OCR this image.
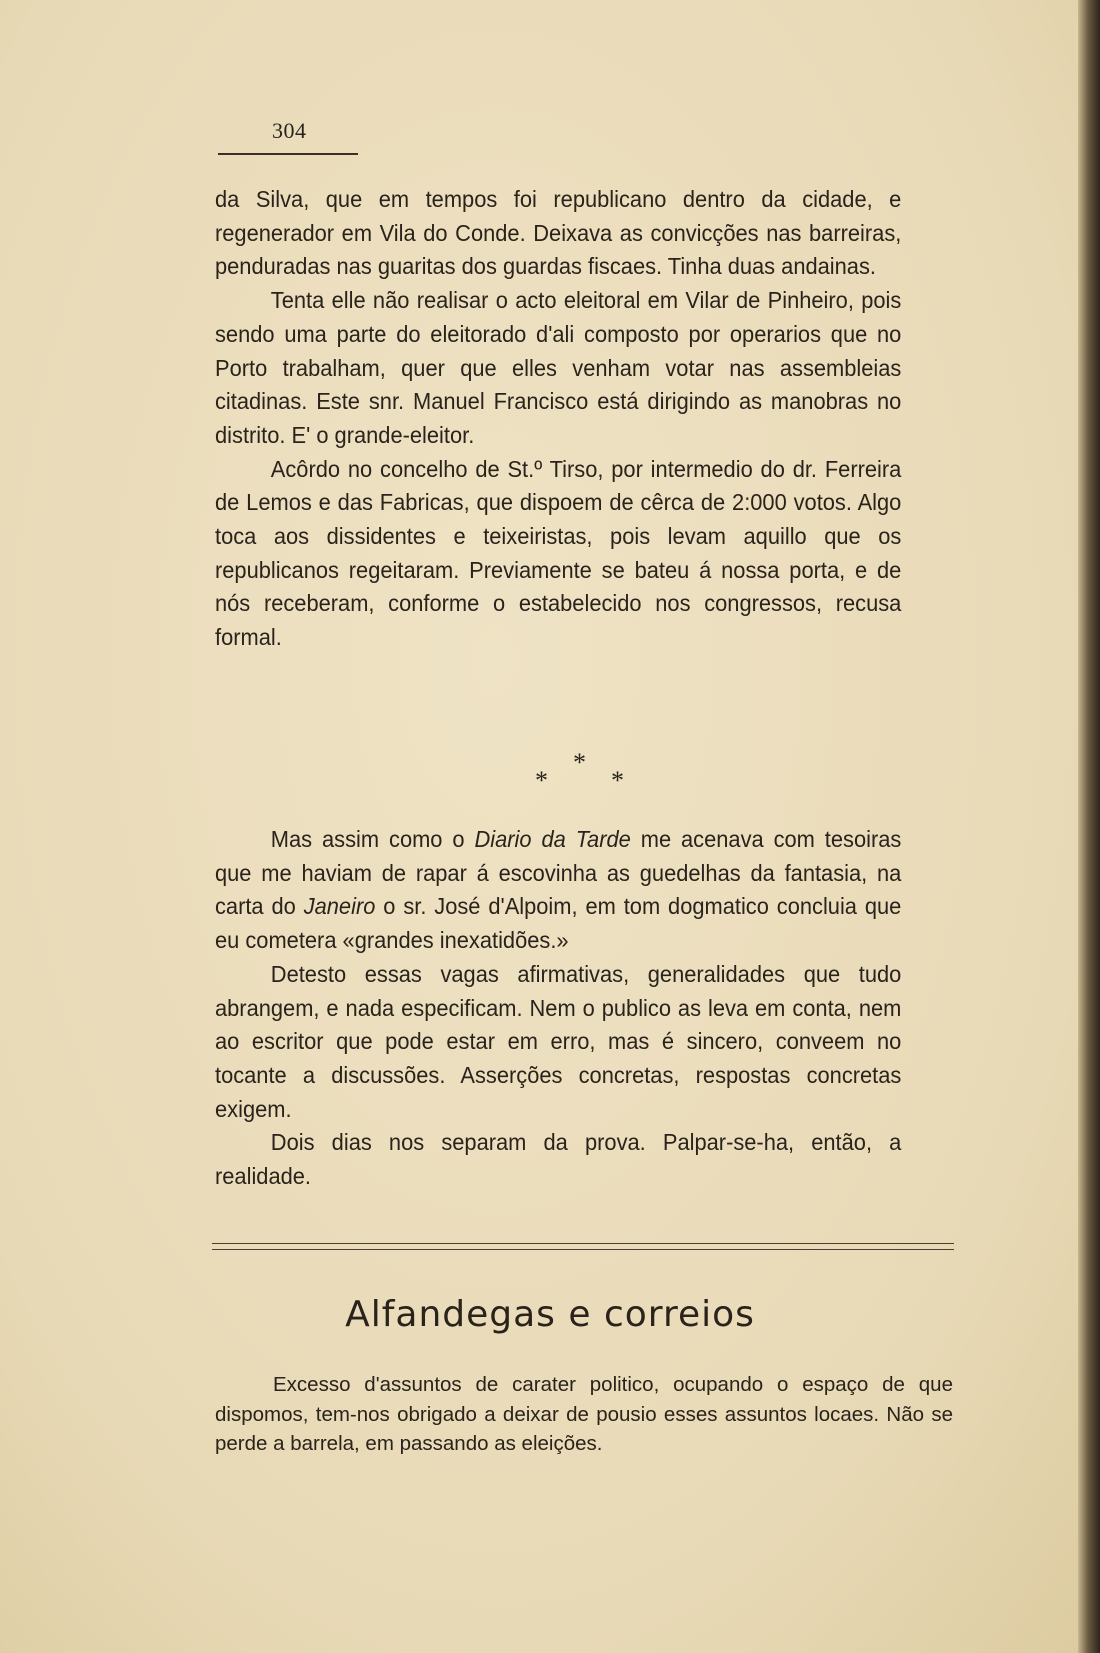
304

da Silva, que em tempos foi republicano dentro da cidade, e regenerador em Vila do Conde. Deixava as convicções nas barreiras, penduradas nas guaritas dos guardas fiscaes. Tinha duas andainas.

Tenta elle não realisar o acto eleitoral em Vilar de Pinheiro, pois sendo uma parte do eleitorado d'ali composto por operarios que no Porto trabalham, quer que elles venham votar nas assembleias citadinas. Este snr. Manuel Francisco está dirigindo as manobras no distrito. E' o grande-eleitor.

Acôrdo no concelho de St.º Tirso, por intermedio do dr. Ferreira de Lemos e das Fabricas, que dispoem de cêrca de 2:000 votos. Algo toca aos dissidentes e teixeiristas, pois levam aquillo que os republicanos regeitaram. Previamente se bateu á nossa porta, e de nós receberam, conforme o estabelecido nos congressos, recusa formal.

*
* *

Mas assim como o Diario da Tarde me acenava com tesoiras que me haviam de rapar á escovinha as guedelhas da fantasia, na carta do Janeiro o sr. José d'Alpoim, em tom dogmatico concluia que eu cometera «grandes inexatidões.»

Detesto essas vagas afirmativas, generalidades que tudo abrangem, e nada especificam. Nem o publico as leva em conta, nem ao escritor que pode estar em erro, mas é sincero, conveem no tocante a discussões. Asserções concretas, respostas concretas exigem.

Dois dias nos separam da prova. Palpar-se-ha, então, a realidade.

Alfandegas e correios

Excesso d'assuntos de carater politico, ocupando o espaço de que dispomos, tem-nos obrigado a deixar de pousio esses assuntos locaes. Não se perde a barrela, em passando as eleições.
